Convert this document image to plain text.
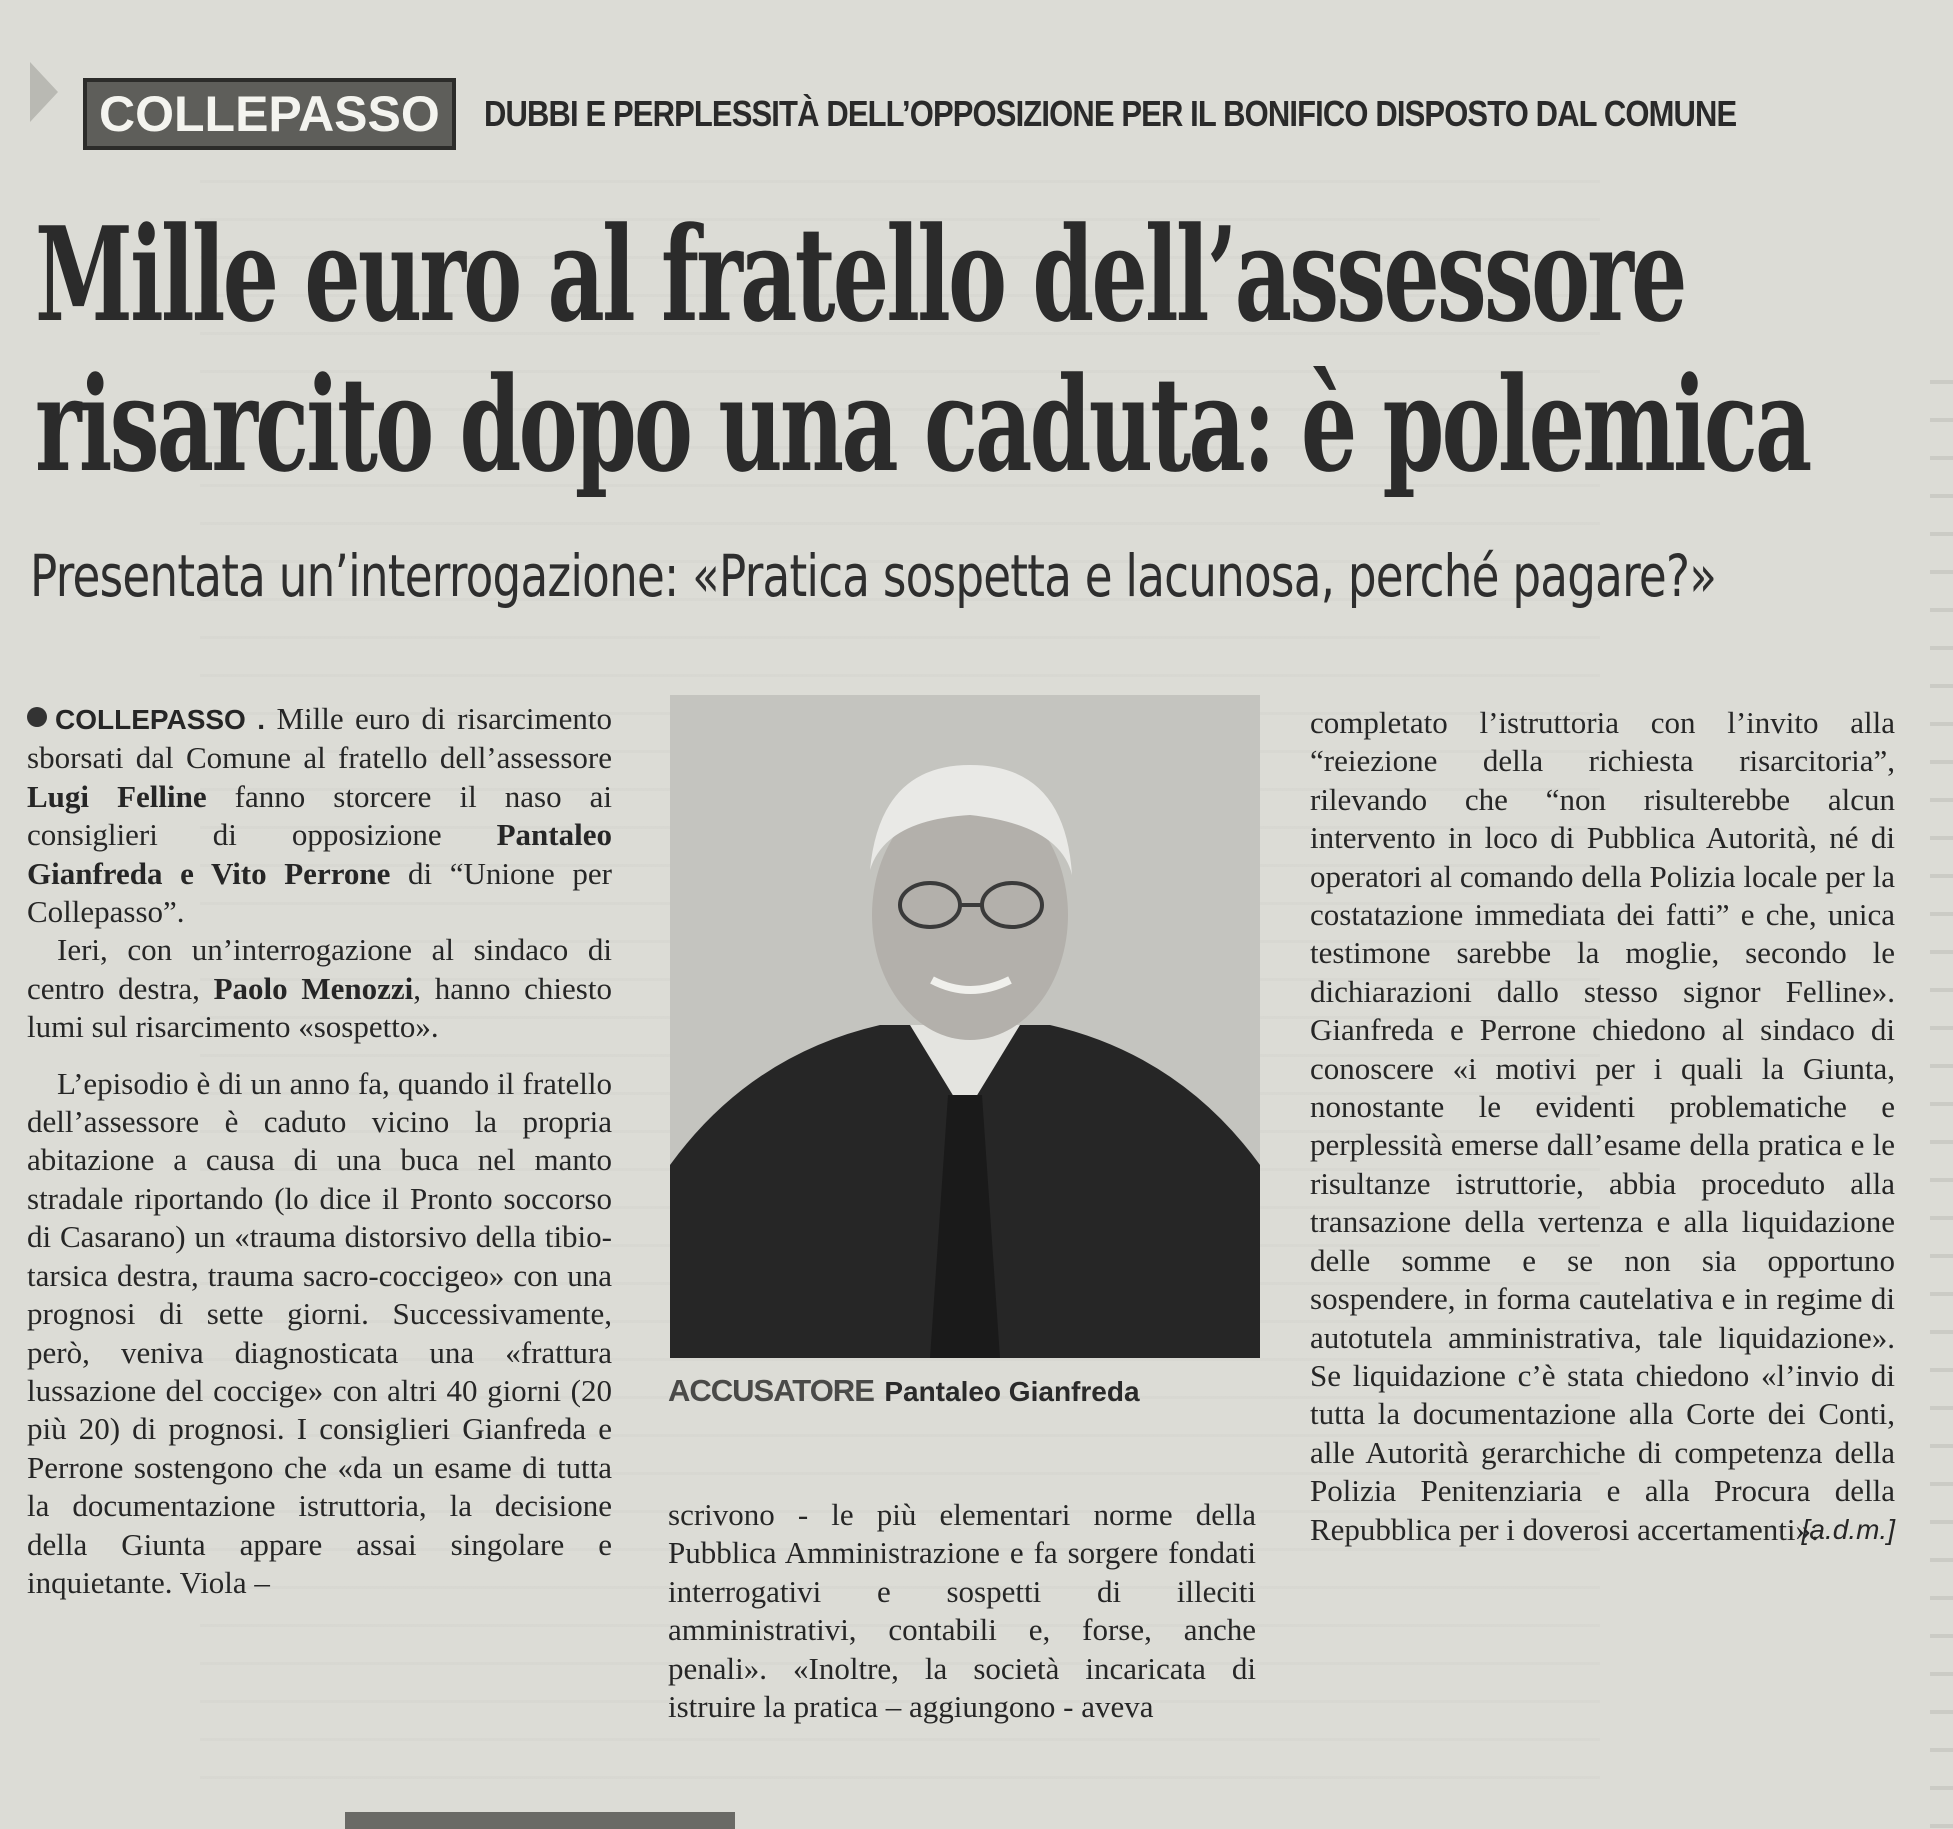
COLLEPASSO	DUBBI E PERPLESSITÀ DELL’OPPOSIZIONE PER IL BONIFICO DISPOSTO DAL COMUNE
Mille euro al fratello dell’assessore
risarcito dopo una caduta: è polemica
Presentata un’interrogazione: «Pratica sospetta e lacunosa, perché pagare?»

COLLEPASSO . Mille euro di risarcimento sborsati dal Comune al fratello dell’assessore Lugi Felline fanno storcere il naso ai consiglieri di opposizione Pantaleo Gianfreda e Vito Perrone di “Unione per Collepasso”.

Ieri, con un’interrogazione al sindaco di centro destra, Paolo Menozzi, hanno chiesto lumi sul risarcimento «sospetto».

L’episodio è di un anno fa, quando il fratello dell’assessore è caduto vicino la propria abitazione a causa di una buca nel manto stradale riportando (lo dice il Pronto soccorso di Casarano) un «trauma distorsivo della tibio-tarsica destra, trauma sacro-coccigeo» con una prognosi di sette giorni. Successivamente, però, veniva diagnosticata una «frattura lussazione del coccige» con altri 40 giorni (20 più 20) di prognosi. I consiglieri Gianfreda e Perrone sostengono che «da un esame di tutta la documentazione istruttoria, la decisione della Giunta appare assai singolare e inquietante. Viola –

ACCUSATORE Pantaleo Gianfreda

scrivono - le più elementari norme della Pubblica Amministrazione e fa sorgere fondati interrogativi e sospetti di illeciti amministrativi, contabili e, forse, anche penali». «Inoltre, la società incaricata di istruire la pratica – aggiungono - aveva

completato l’istruttoria con l’invito alla “reiezione della richiesta risarcitoria”, rilevando che “non risulterebbe alcun intervento in loco di Pubblica Autorità, né di operatori al comando della Polizia locale per la costatazione immediata dei fatti” e che, unica testimone sarebbe la moglie, secondo le dichiarazioni dallo stesso signor Felline». Gianfreda e Perrone chiedono al sindaco di conoscere «i motivi per i quali la Giunta, nonostante le evidenti problematiche e perplessità emerse dall’esame della pratica e le risultanze istruttorie, abbia proceduto alla transazione della vertenza e alla liquidazione delle somme e se non sia opportuno sospendere, in forma cautelativa e in regime di autotutela amministrativa, tale liquidazione». Se liquidazione c’è stata chiedono «l’invio di tutta la documentazione alla Corte dei Conti, alle Autorità gerarchiche di competenza della Polizia Penitenziaria e alla Procura della Repubblica per i doverosi accertamenti».

[a.d.m.]
